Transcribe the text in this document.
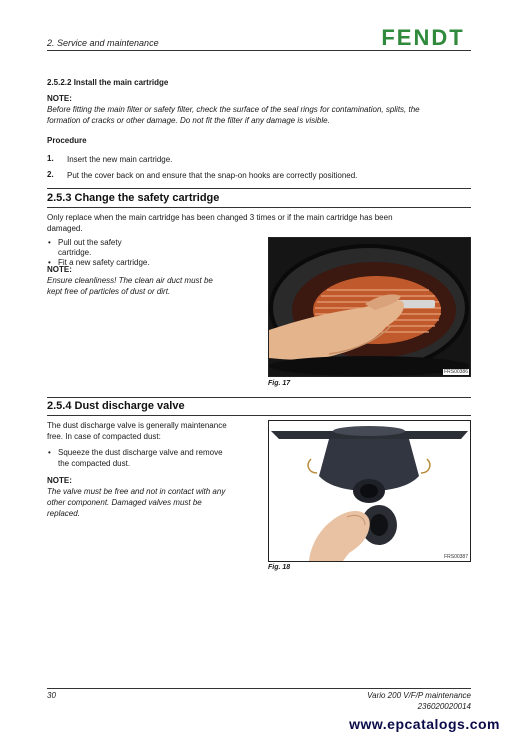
2. Service and maintenance	FENDT
2.5.2.2 Install the main cartridge
NOTE:
Before fitting the main filter or safety filter, check the surface of the seal rings for contamination, splits, the
formation of cracks or other damage. Do not fit the filter if any damage is visible.
Procedure
1. Insert the new main cartridge.
2. Put the cover back on and ensure that the snap-on hooks are correctly positioned.
2.5.3 Change the safety cartridge
Only replace when the main cartridge has been changed 3 times or if the main cartridge has been
damaged.
• Pull out the safety
cartridge.
• Fit a new safety cartridge.
NOTE:
Ensure cleanliness! The clean air duct must be
kept free of particles of dust or dirt.
FRS00386
Fig. 17
2.5.4 Dust discharge valve
The dust discharge valve is generally maintenance
free. In case of compacted dust:
• Squeeze the dust discharge valve and remove
the compacted dust.
NOTE:
The valve must be free and not in contact with any
other component. Damaged valves must be
replaced.
FRS00387
Fig. 18
30	Vario 200 V/F/P maintenance
236020020014
www.epcatalogs.com
